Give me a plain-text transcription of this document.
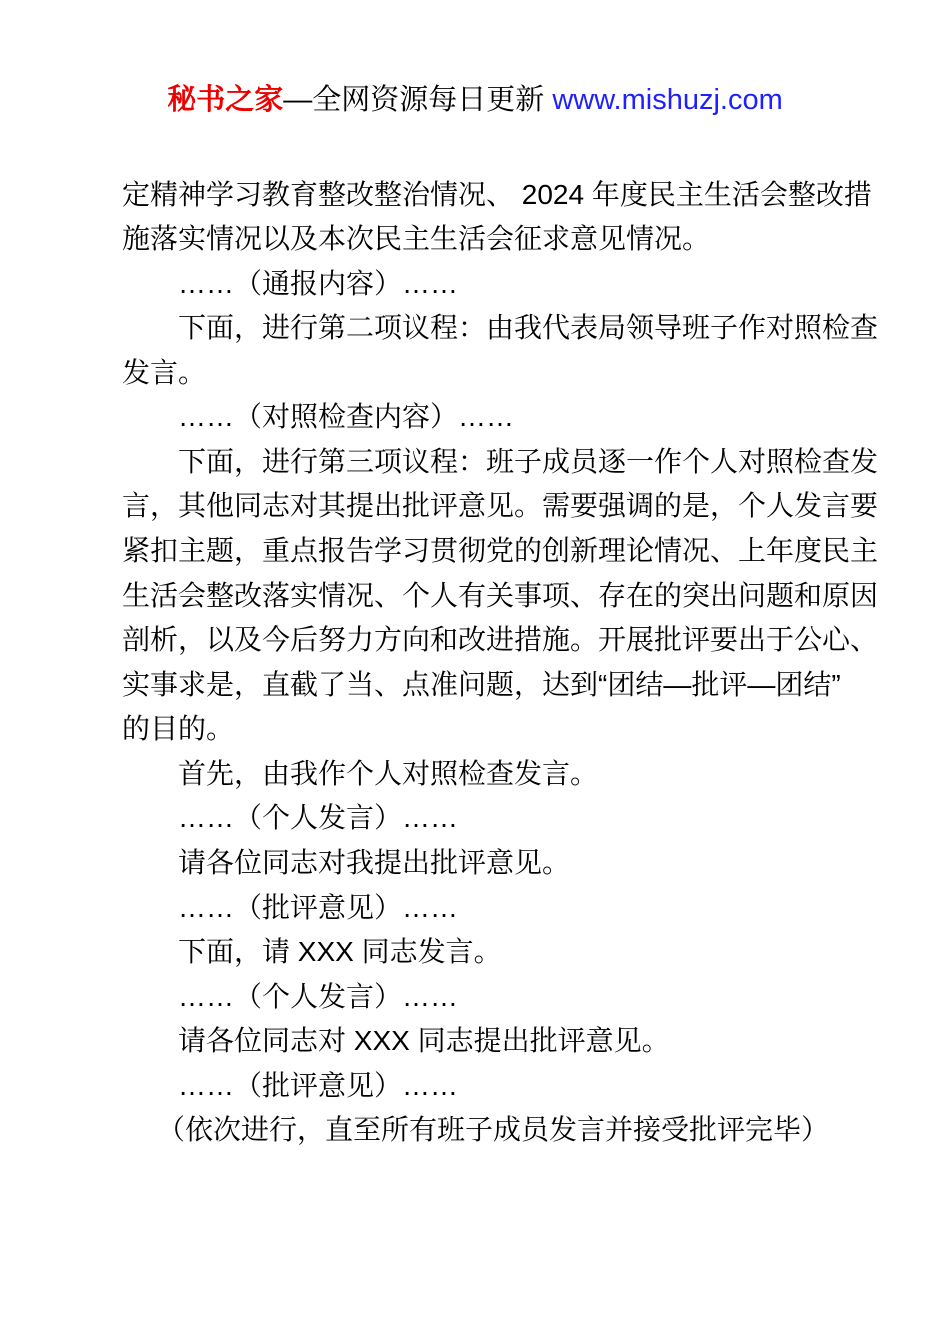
秘书之家—全网资源每日更新 www.mishuzj.com
定精神学习教育整改整治情况、 2024 年度民主生活会整改措
施落实情况以及本次民主生活会征求意见情况。
……（通报内容）……
下面，进行第二项议程：由我代表局领导班子作对照检查
发言。
……（对照检查内容）……
下面，进行第三项议程：班子成员逐一作个人对照检查发
言，其他同志对其提出批评意见。需要强调的是，个人发言要
紧扣主题，重点报告学习贯彻党的创新理论情况、上年度民主
生活会整改落实情况、个人有关事项、存在的突出问题和原因
剖析，以及今后努力方向和改进措施。开展批评要出于公心、
实事求是，直截了当、点准问题，达到“团结—批评—团结”
的目的。
首先，由我作个人对照检查发言。
……（个人发言）……
请各位同志对我提出批评意见。
……（批评意见）……
下面，请 XXX 同志发言。
……（个人发言）……
请各位同志对 XXX 同志提出批评意见。
……（批评意见）……
（依次进行，直至所有班子成员发言并接受批评完毕）
